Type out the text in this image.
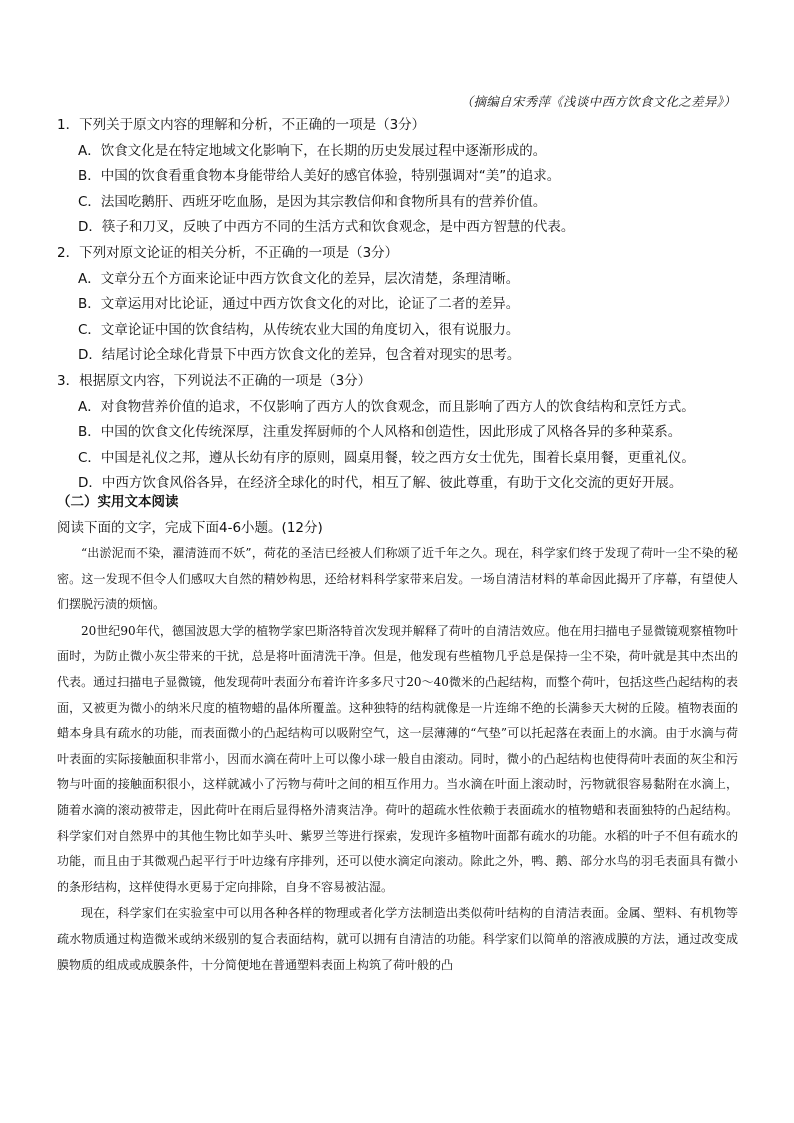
（摘编自宋秀萍《浅谈中西方饮食文化之差异》）
1．下列关于原文内容的理解和分析，不正确的一项是（3分）
A．饮食文化是在特定地域文化影响下，在长期的历史发展过程中逐渐形成的。
B．中国的饮食看重食物本身能带给人美好的感官体验，特别强调对“美”的追求。
C．法国吃鹅肝、西班牙吃血肠，是因为其宗教信仰和食物所具有的营养价值。
D．筷子和刀叉，反映了中西方不同的生活方式和饮食观念，是中西方智慧的代表。
2．下列对原文论证的相关分析，不正确的一项是（3分）
A．文章分五个方面来论证中西方饮食文化的差异，层次清楚，条理清晰。
B．文章运用对比论证，通过中西方饮食文化的对比，论证了二者的差异。
C．文章论证中国的饮食结构，从传统农业大国的角度切入，很有说服力。
D．结尾讨论全球化背景下中西方饮食文化的差异，包含着对现实的思考。
3．根据原文内容，下列说法不正确的一项是（3分）
A．对食物营养价值的追求，不仅影响了西方人的饮食观念，而且影响了西方人的饮食结构和烹饪方式。
B．中国的饮食文化传统深厚，注重发挥厨师的个人风格和创造性，因此形成了风格各异的多种菜系。
C．中国是礼仪之邦，遵从长幼有序的原则，圆桌用餐，较之西方女士优先，围着长桌用餐，更重礼仪。
D．中西方饮食风俗各异，在经济全球化的时代，相互了解、彼此尊重，有助于文化交流的更好开展。
（二）实用文本阅读
阅读下面的文字，完成下面4-6小题。(12分)

“出淤泥而不染，濯清涟而不妖”，荷花的圣洁已经被人们称颂了近千年之久。现在，科学家们终于发现了荷叶一尘不染的秘密。这一发现不但令人们感叹大自然的精妙构思，还给材料科学家带来启发。一场自清洁材料的革命因此揭开了序幕，有望使人们摆脱污渍的烦恼。

20世纪90年代，德国波恩大学的植物学家巴斯洛特首次发现并解释了荷叶的自清洁效应。他在用扫描电子显微镜观察植物叶面时，为防止微小灰尘带来的干扰，总是将叶面清洗干净。但是，他发现有些植物几乎总是保持一尘不染，荷叶就是其中杰出的代表。通过扫描电子显微镜，他发现荷叶表面分布着许许多多尺寸20～40微米的凸起结构，而整个荷叶，包括这些凸起结构的表面，又被更为微小的纳米尺度的植物蜡的晶体所覆盖。这种独特的结构就像是一片连绵不绝的长满参天大树的丘陵。植物表面的蜡本身具有疏水的功能，而表面微小的凸起结构可以吸附空气，这一层薄薄的“气垫”可以托起落在表面上的水滴。由于水滴与荷叶表面的实际接触面积非常小，因而水滴在荷叶上可以像小球一般自由滚动。同时，微小的凸起结构也使得荷叶表面的灰尘和污物与叶面的接触面积很小，这样就减小了污物与荷叶之间的相互作用力。当水滴在叶面上滚动时，污物就很容易黏附在水滴上，随着水滴的滚动被带走，因此荷叶在雨后显得格外清爽洁净。荷叶的超疏水性依赖于表面疏水的植物蜡和表面独特的凸起结构。科学家们对自然界中的其他生物比如芋头叶、紫罗兰等进行探索，发现许多植物叶面都有疏水的功能。水稻的叶子不但有疏水的功能，而且由于其微观凸起平行于叶边缘有序排列，还可以使水滴定向滚动。除此之外，鸭、鹅、部分水鸟的羽毛表面具有微小的条形结构，这样使得水更易于定向排除，自身不容易被沾湿。

现在，科学家们在实验室中可以用各种各样的物理或者化学方法制造出类似荷叶结构的自清洁表面。金属、塑料、有机物等疏水物质通过构造微米或纳米级别的复合表面结构，就可以拥有自清洁的功能。科学家们以简单的溶液成膜的方法，通过改变成膜物质的组成或成膜条件，十分简便地在普通塑料表面上构筑了荷叶般的凸
